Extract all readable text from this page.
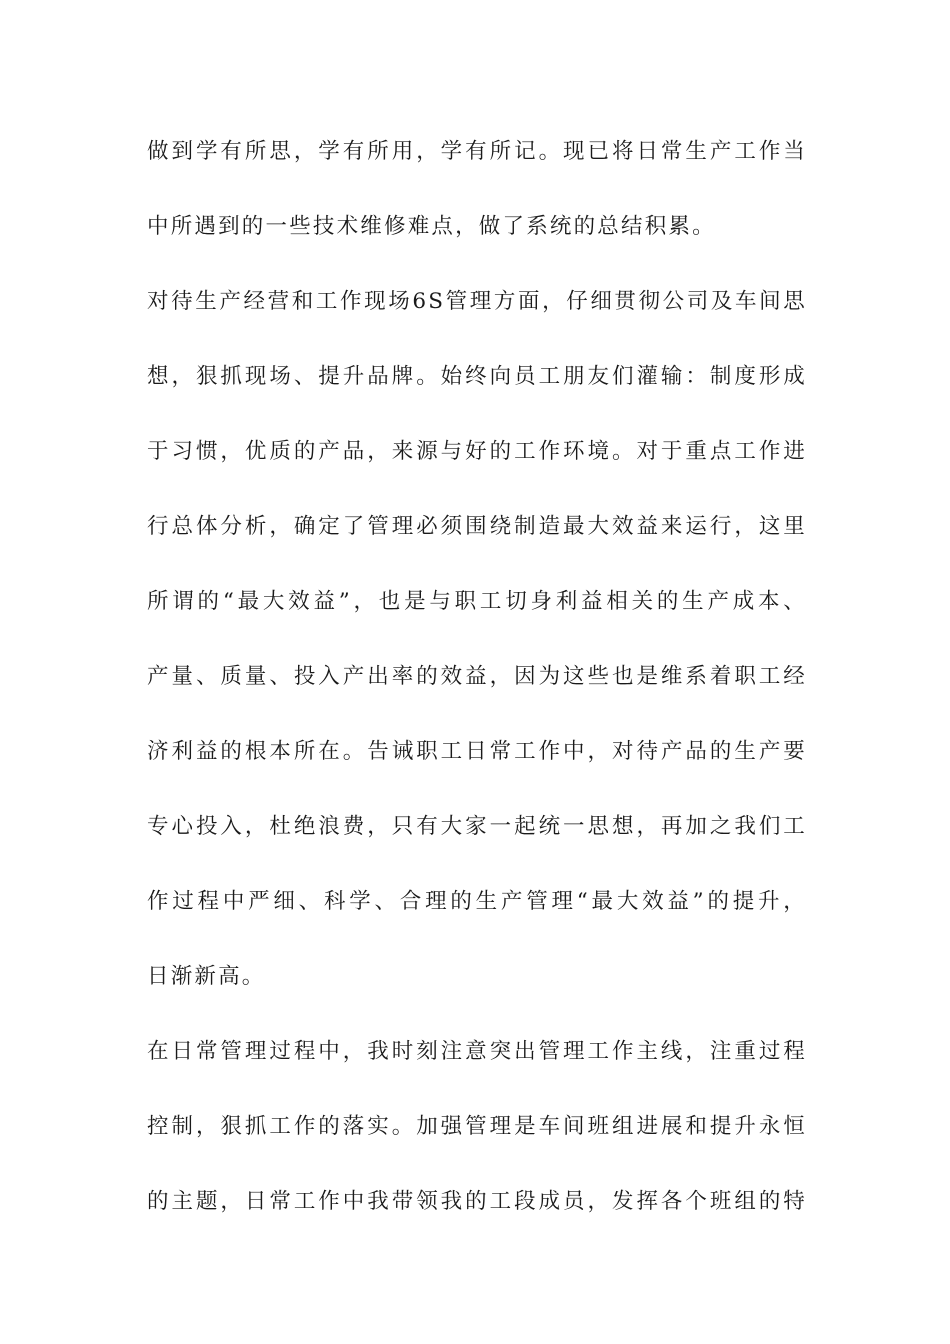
做到学有所思，学有所用，学有所记。现已将日常生产工作当
中所遇到的一些技术维修难点，做了系统的总结积累。
对待生产经营和工作现场6S管理方面，仔细贯彻公司及车间思
想，狠抓现场、提升品牌。始终向员工朋友们灌输：制度形成
于习惯，优质的产品，来源与好的工作环境。对于重点工作进
行总体分析，确定了管理必须围绕制造最大效益来运行，这里
所谓的“最大效益”，也是与职工切身利益相关的生产成本、
产量、质量、投入产出率的效益，因为这些也是维系着职工经
济利益的根本所在。告诫职工日常工作中，对待产品的生产要
专心投入，杜绝浪费，只有大家一起统一思想，再加之我们工
作过程中严细、科学、合理的生产管理“最大效益”的提升，
日渐新高。
在日常管理过程中，我时刻注意突出管理工作主线，注重过程
控制，狠抓工作的落实。加强管理是车间班组进展和提升永恒
的主题，日常工作中我带领我的工段成员，发挥各个班组的特
